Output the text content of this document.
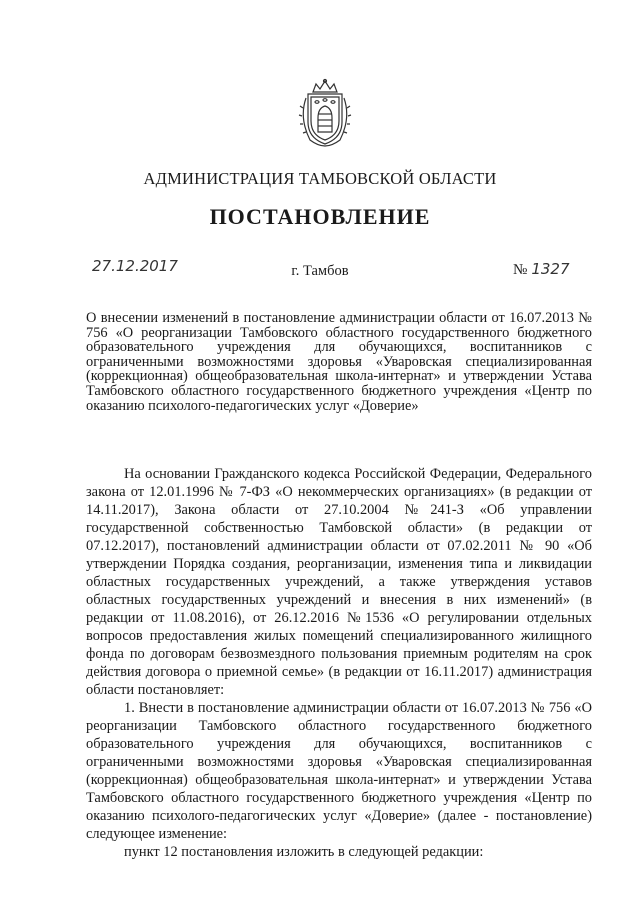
АДМИНИСТРАЦИЯ ТАМБОВСКОЙ ОБЛАСТИ
ПОСТАНОВЛЕНИЕ
27.12.2017	г. Тамбов	№ 1327
О внесении изменений в постановление администрации области от 16.07.2013 № 756 «О реорганизации Тамбовского областного государственного бюджетного образовательного учреждения для обучающихся, воспитанников с ограниченными возможностями здоровья «Уваровская специализированная (коррекционная) общеобразовательная школа-интернат» и утверждении Устава Тамбовского областного государственного бюджетного учреждения «Центр по оказанию психолого-педагогических услуг «Доверие»

На основании Гражданского кодекса Российской Федерации, Федерального закона от 12.01.1996 № 7-ФЗ «О некоммерческих организациях» (в редакции от 14.11.2017), Закона области от 27.10.2004 №241-З «Об управлении государственной собственностью Тамбовской области» (в редакции от 07.12.2017), постановлений администрации области от 07.02.2011 № 90 «Об утверждении Порядка создания, реорганизации, изменения типа и ликвидации областных государственных учреждений, а также утверждения уставов областных государственных учреждений и внесения в них изменений» (в редакции от 11.08.2016), от 26.12.2016 №1536 «О регулировании отдельных вопросов предоставления жилых помещений специализированного жилищного фонда по договорам безвозмездного пользования приемным родителям на срок действия договора о приемной семье» (в редакции от 16.11.2017) администрация области постановляет:

1. Внести в постановление администрации области от 16.07.2013 № 756 «О реорганизации Тамбовского областного государственного бюджетного образовательного учреждения для обучающихся, воспитанников с ограниченными возможностями здоровья «Уваровская специализированная (коррекционная) общеобразовательная школа-интернат» и утверждении Устава Тамбовского областного государственного бюджетного учреждения «Центр по оказанию психолого-педагогических услуг «Доверие» (далее - постановление) следующее изменение:

пункт 12 постановления изложить в следующей редакции:
